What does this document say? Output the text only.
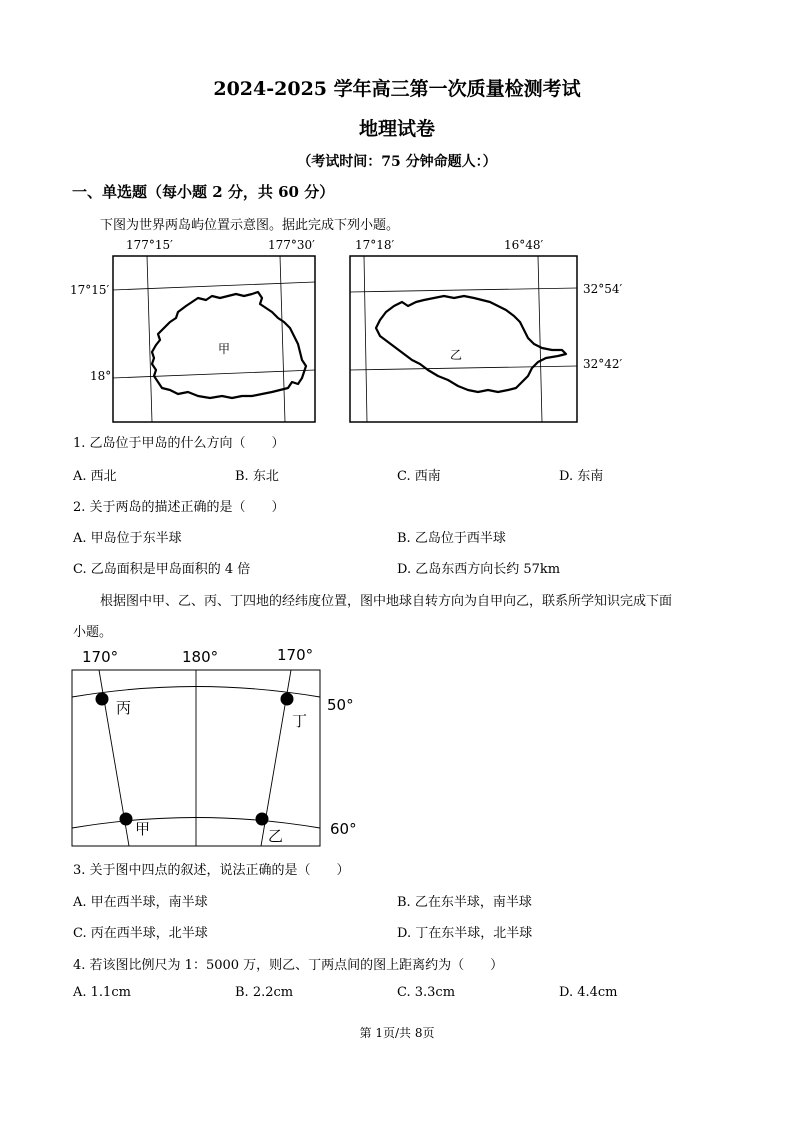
2024-2025 学年高三第一次质量检测考试
地理试卷
（考试时间：75 分钟命题人：）
一、单选题（每小题 2 分，共 60 分）
下图为世界两岛屿位置示意图。据此完成下列小题。
177°15′	177°30′
17°15′
18°
甲
17°18′	16°48′
32°54′
32°42′
乙
1. 乙岛位于甲岛的什么方向（　　）
A. 西北	B. 东北	C. 西南	D. 东南
2. 关于两岛的描述正确的是（　　）
A. 甲岛位于东半球	B. 乙岛位于西半球
C. 乙岛面积是甲岛面积的 4 倍	D. 乙岛东西方向长约 57km
根据图中甲、乙、丙、丁四地的经纬度位置，图中地球自转方向为自甲向乙，联系所学知识完成下面
小题。
170°	180°	170°
50°
60°
丙
丁
甲	乙
3. 关于图中四点的叙述，说法正确的是（　　）
A. 甲在西半球，南半球	B. 乙在东半球，南半球
C. 丙在西半球，北半球	D. 丁在东半球，北半球
4. 若该图比例尺为 1：5000 万，则乙、丁两点间的图上距离约为（　　）
A. 1.1cm	B. 2.2cm	C. 3.3cm	D. 4.4cm
第 1页/共 8页
